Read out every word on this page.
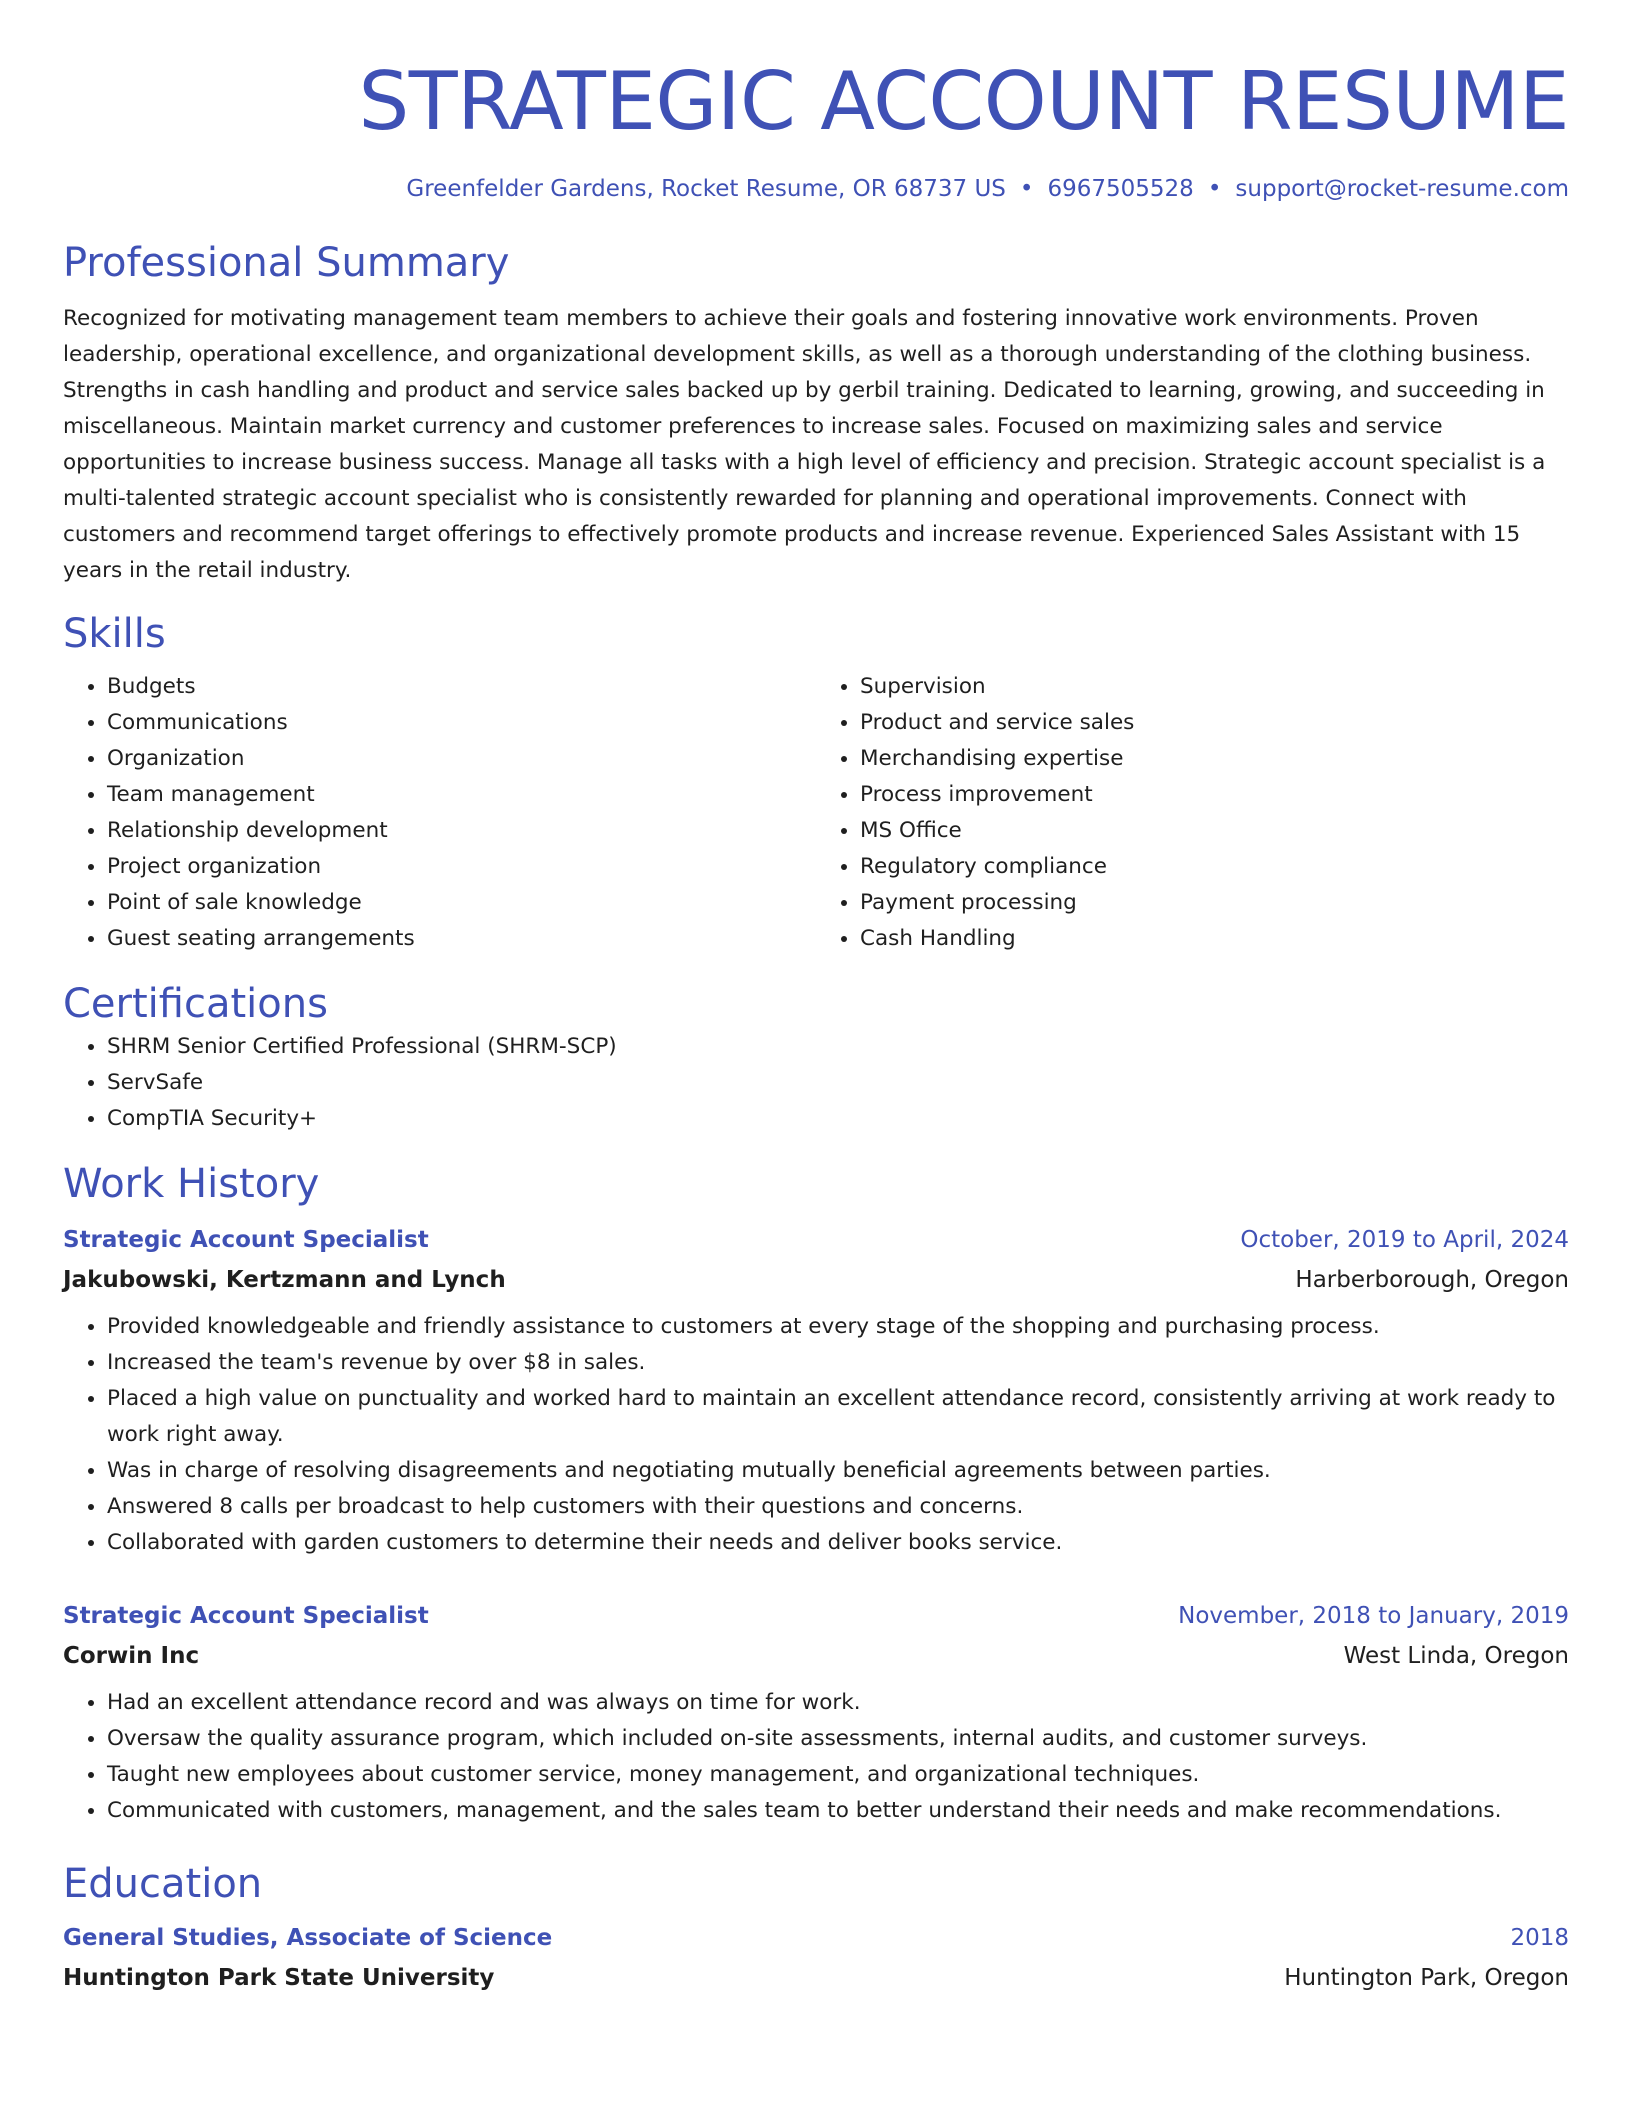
STRATEGIC ACCOUNT RESUME
Greenfelder Gardens, Rocket Resume, OR 68737 US • 6967505528 • support@rocket-resume.com
Professional Summary

Recognized for motivating management team members to achieve their goals and fostering innovative work environments. Proven leadership, operational excellence, and organizational development skills, as well as a thorough understanding of the clothing business. Strengths in cash handling and product and service sales backed up by gerbil training. Dedicated to learning, growing, and succeeding in miscellaneous. Maintain market currency and customer preferences to increase sales. Focused on maximizing sales and service opportunities to increase business success. Manage all tasks with a high level of efficiency and precision. Strategic account specialist is a multi-talented strategic account specialist who is consistently rewarded for planning and operational improvements. Connect with customers and recommend target offerings to effectively promote products and increase revenue. Experienced Sales Assistant with 15 years in the retail industry.

Skills
• Budgets
• Communications
• Organization
• Team management
• Relationship development
• Project organization
• Point of sale knowledge
• Guest seating arrangements
• Supervision
• Product and service sales
• Merchandising expertise
• Process improvement
• MS Office
• Regulatory compliance
• Payment processing
• Cash Handling
Certifications
• SHRM Senior Certified Professional (SHRM-SCP)
• ServSafe
• CompTIA Security+
Work History
Strategic Account Specialist	October, 2019 to April, 2024
Jakubowski, Kertzmann and Lynch	Harberborough, Oregon
• Provided knowledgeable and friendly assistance to customers at every stage of the shopping and purchasing process.
• Increased the team's revenue by over $8 in sales.
• Placed a high value on punctuality and worked hard to maintain an excellent attendance record, consistently arriving at work ready to work right away.
• Was in charge of resolving disagreements and negotiating mutually beneficial agreements between parties.
• Answered 8 calls per broadcast to help customers with their questions and concerns.
• Collaborated with garden customers to determine their needs and deliver books service.
Strategic Account Specialist	November, 2018 to January, 2019
Corwin Inc	West Linda, Oregon
• Had an excellent attendance record and was always on time for work.
• Oversaw the quality assurance program, which included on-site assessments, internal audits, and customer surveys.
• Taught new employees about customer service, money management, and organizational techniques.
• Communicated with customers, management, and the sales team to better understand their needs and make recommendations.
Education
General Studies, Associate of Science	2018
Huntington Park State University	Huntington Park, Oregon
